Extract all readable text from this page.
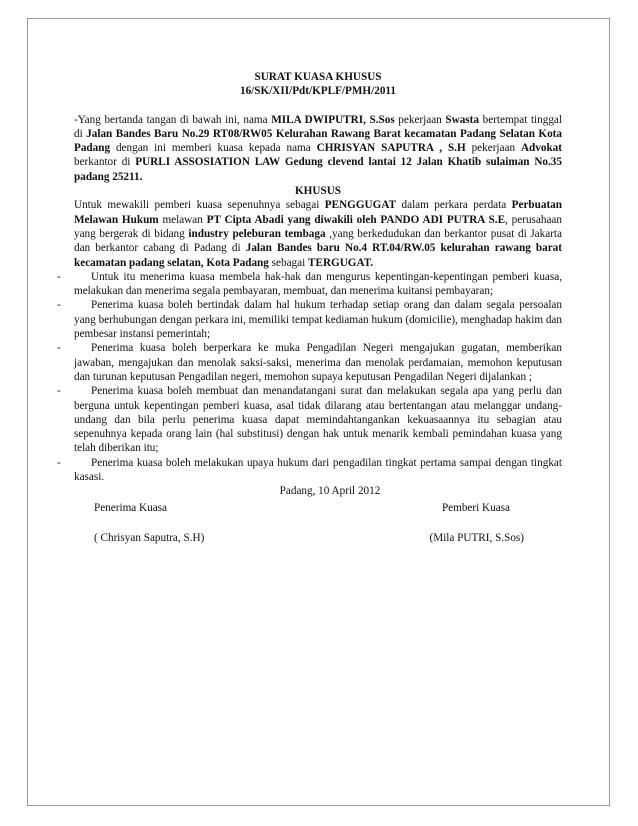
SURAT KUASA KHUSUS
16/SK/XII/Pdt/KPLF/PMH/2011
-Yang bertanda tangan di bawah ini, nama MILA DWIPUTRI, S.Sos pekerjaan Swasta bertempat tinggal di Jalan Bandes Baru No.29 RT08/RW05 Kelurahan Rawang Barat kecamatan Padang Selatan Kota Padang dengan ini memberi kuasa kepada nama CHRISYAN SAPUTRA , S.H pekerjaan Advokat berkantor di PURLI ASSOSIATION LAW Gedung clevend lantai 12 Jalan Khatib sulaiman No.35 padang 25211.
KHUSUS
Untuk mewakili pemberi kuasa sepenuhnya sebagai PENGGUGAT dalam perkara perdata Perbuatan Melawan Hukum melawan PT Cipta Abadi yang diwakili oleh PANDO ADI PUTRA S.E, perusahaan yang bergerak di bidang industry peleburan tembaga ,yang berkedudukan dan berkantor pusat di Jakarta dan berkantor cabang di Padang di Jalan Bandes baru No.4 RT.04/RW.05 kelurahan rawang barat kecamatan padang selatan, Kota Padang sebagai TERGUGAT.
-	Untuk itu menerima kuasa membela hak-hak dan mengurus kepentingan-kepentingan pemberi kuasa, melakukan dan menerima segala pembayaran, membuat, dan menerima kuitansi pembayaran;
-	Penerima kuasa boleh bertindak dalam hal hukum terhadap setiap orang dan dalam segala persoalan yang berhubungan dengan perkara ini, memiliki tempat kediaman hukum (domicilie), menghadap hakim dan pembesar instansi pemerintah;
-	Penerima kuasa boleh berperkara ke muka Pengadilan Negeri mengajukan gugatan, memberikan jawaban, mengajukan dan menolak saksi-saksi, menerima dan menolak perdamaian, memohon keputusan dan turunan keputusan Pengadilan negeri, memohon supaya keputusan Pengadilan Negeri dijalankan ;
-	Penerima kuasa boleh membuat dan menandatangani surat dan melakukan segala apa yang perlu dan berguna untuk kepentingan pemberi kuasa, asal tidak dilarang atau bertentangan atau melanggar undang-undang dan bila perlu penerima kuasa dapat memindahtangankan kekuasaannya itu sebagian atau sepenuhnya kepada orang lain (hal substitusi) dengan hak untuk menarik kembali pemindahan kuasa yang telah diberikan itu;
-	Penerima kuasa boleh melakukan upaya hukum dari pengadilan tingkat pertama sampai dengan tingkat kasasi.
Padang, 10 April 2012
Penerima Kuasa	Pemberi Kuasa
( Chrisyan Saputra, S.H)	(Mila PUTRI, S.Sos)
